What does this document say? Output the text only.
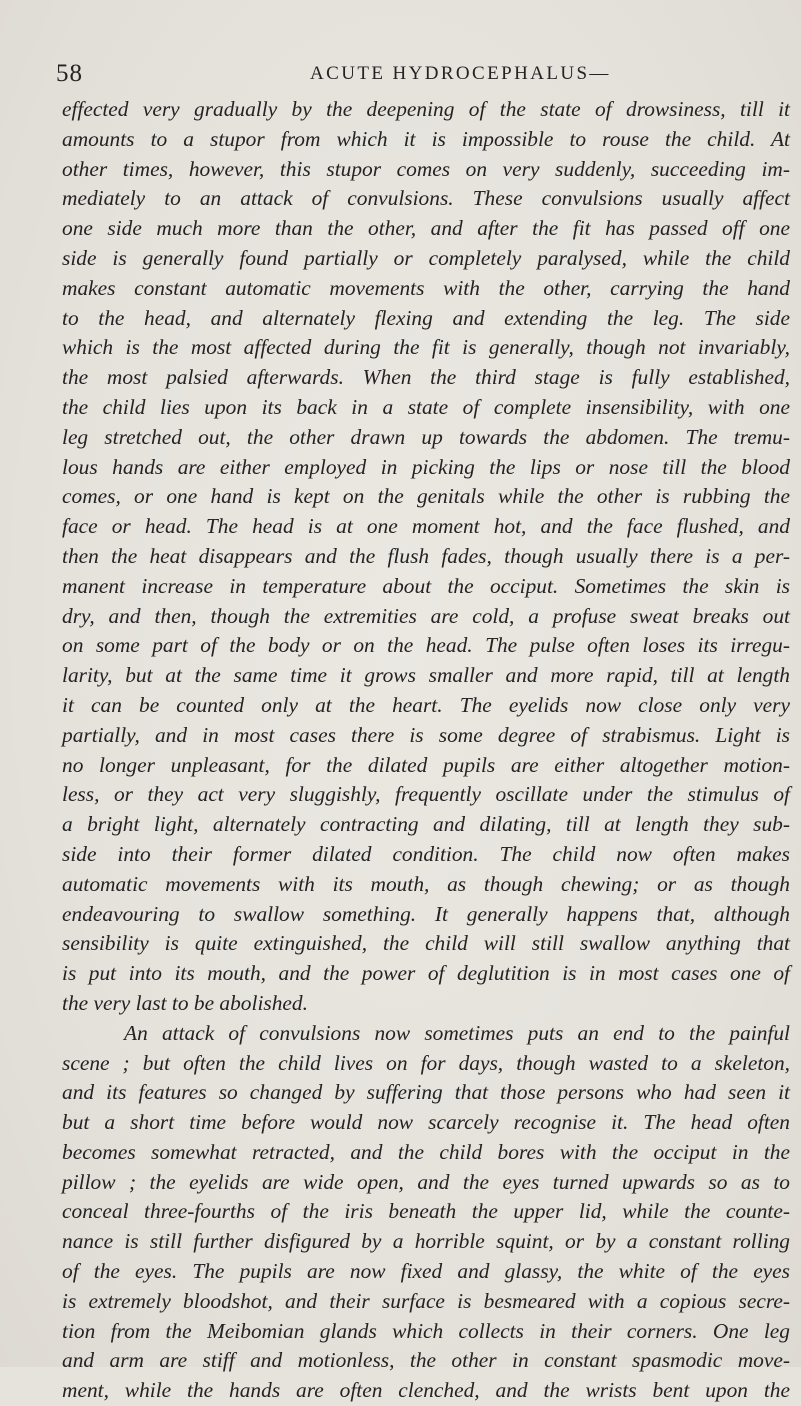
58	ACUTE HYDROCEPHALUS—
effected very gradually by the deepening of the state of drowsiness, till it
amounts to a stupor from which it is impossible to rouse the child. At
other times, however, this stupor comes on very suddenly, succeeding im-
mediately to an attack of convulsions. These convulsions usually affect
one side much more than the other, and after the fit has passed off one
side is generally found partially or completely paralysed, while the child
makes constant automatic movements with the other, carrying the hand
to the head, and alternately flexing and extending the leg. The side
which is the most affected during the fit is generally, though not invariably,
the most palsied afterwards. When the third stage is fully established,
the child lies upon its back in a state of complete insensibility, with one
leg stretched out, the other drawn up towards the abdomen. The tremu-
lous hands are either employed in picking the lips or nose till the blood
comes, or one hand is kept on the genitals while the other is rubbing the
face or head. The head is at one moment hot, and the face flushed, and
then the heat disappears and the flush fades, though usually there is a per-
manent increase in temperature about the occiput. Sometimes the skin is
dry, and then, though the extremities are cold, a profuse sweat breaks out
on some part of the body or on the head. The pulse often loses its irregu-
larity, but at the same time it grows smaller and more rapid, till at length
it can be counted only at the heart. The eyelids now close only very
partially, and in most cases there is some degree of strabismus. Light is
no longer unpleasant, for the dilated pupils are either altogether motion-
less, or they act very sluggishly, frequently oscillate under the stimulus of
a bright light, alternately contracting and dilating, till at length they sub-
side into their former dilated condition. The child now often makes
automatic movements with its mouth, as though chewing; or as though
endeavouring to swallow something. It generally happens that, although
sensibility is quite extinguished, the child will still swallow anything that
is put into its mouth, and the power of deglutition is in most cases one of
the very last to be abolished.
An attack of convulsions now sometimes puts an end to the painful
scene ; but often the child lives on for days, though wasted to a skeleton,
and its features so changed by suffering that those persons who had seen it
but a short time before would now scarcely recognise it. The head often
becomes somewhat retracted, and the child bores with the occiput in the
pillow ; the eyelids are wide open, and the eyes turned upwards so as to
conceal three-fourths of the iris beneath the upper lid, while the counte-
nance is still further disfigured by a horrible squint, or by a constant rolling
of the eyes. The pupils are now fixed and glassy, the white of the eyes
is extremely bloodshot, and their surface is besmeared with a copious secre-
tion from the Meibomian glands which collects in their corners. One leg
and arm are stiff and motionless, the other in constant spasmodic move-
ment, while the hands are often clenched, and the wrists bent upon the
